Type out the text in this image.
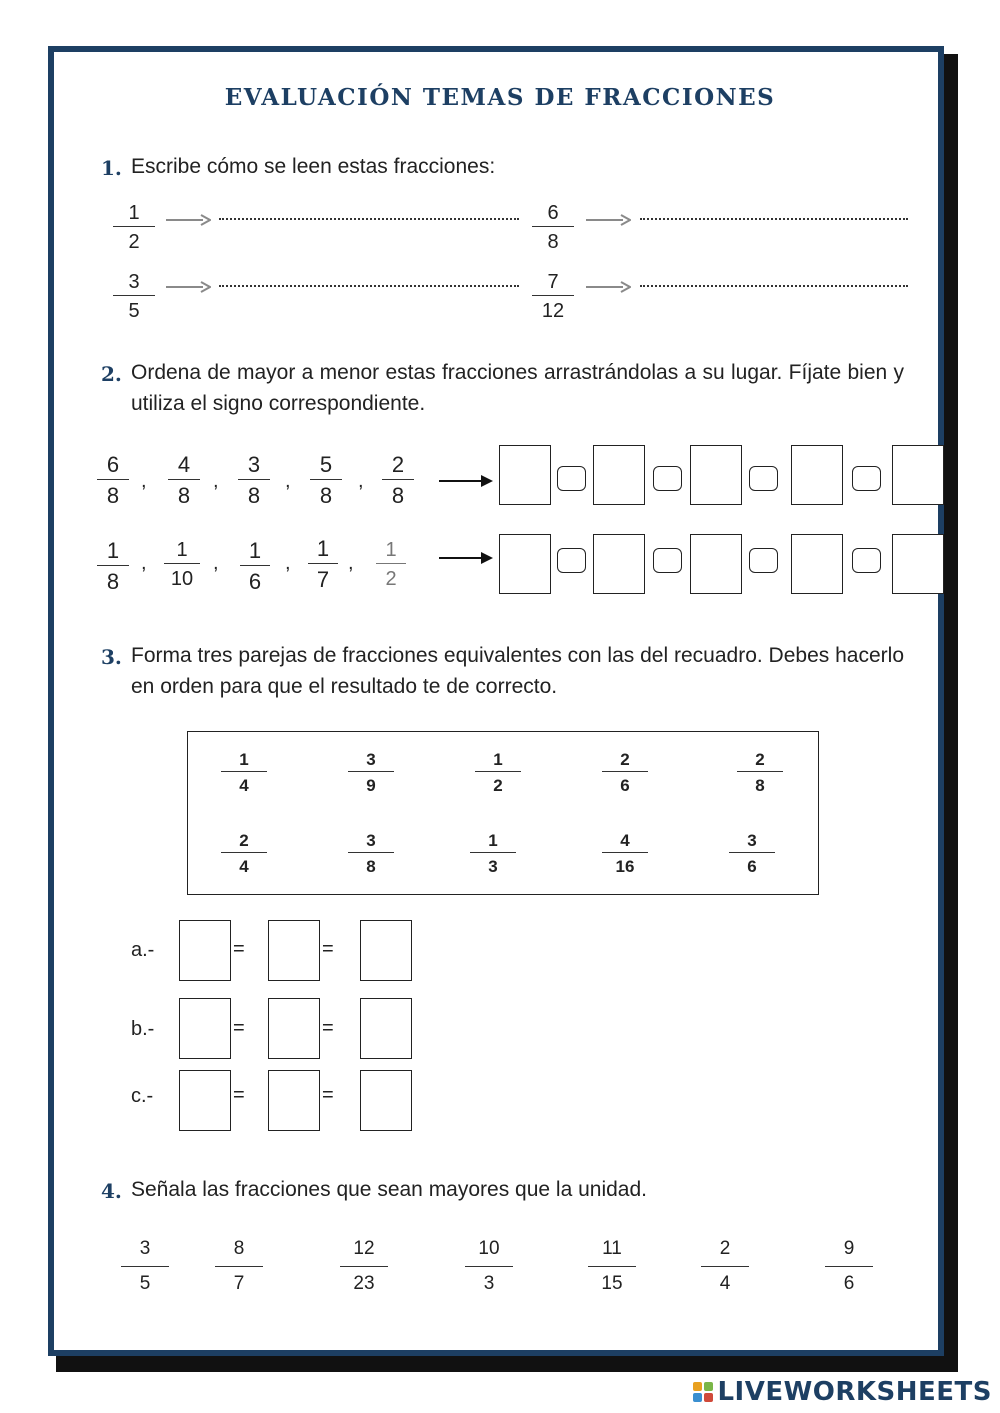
EVALUACIÓN TEMAS DE FRACCIONES
1. Escribe cómo se leen estas fracciones:
1
2
6
8
3
5
7
12
2. Ordena de mayor a menor estas fracciones arrastrándolas a su lugar. Fíjate bien y utiliza el signo correspondiente.
6
8
,
4
8
,
3
8
,
5
8
,
2
8
1
8
,
1
10
, 1
6
,
1
7
,
1
2
3. Forma tres parejas de fracciones equivalentes con las del recuadro. Debes hacerlo en orden para que el resultado te de correcto.
1
4
3
9
1
2
2
6
2
8
2
4
3
8
1
3
4
16
3
6
a.-	=	=
b.-	=	=
c.-	=	=
4. Señala las fracciones que sean mayores que la unidad.
3
5
8
7
12
23
10
3
11
15
2
4
9
6
LIVEWORKSHEETS
